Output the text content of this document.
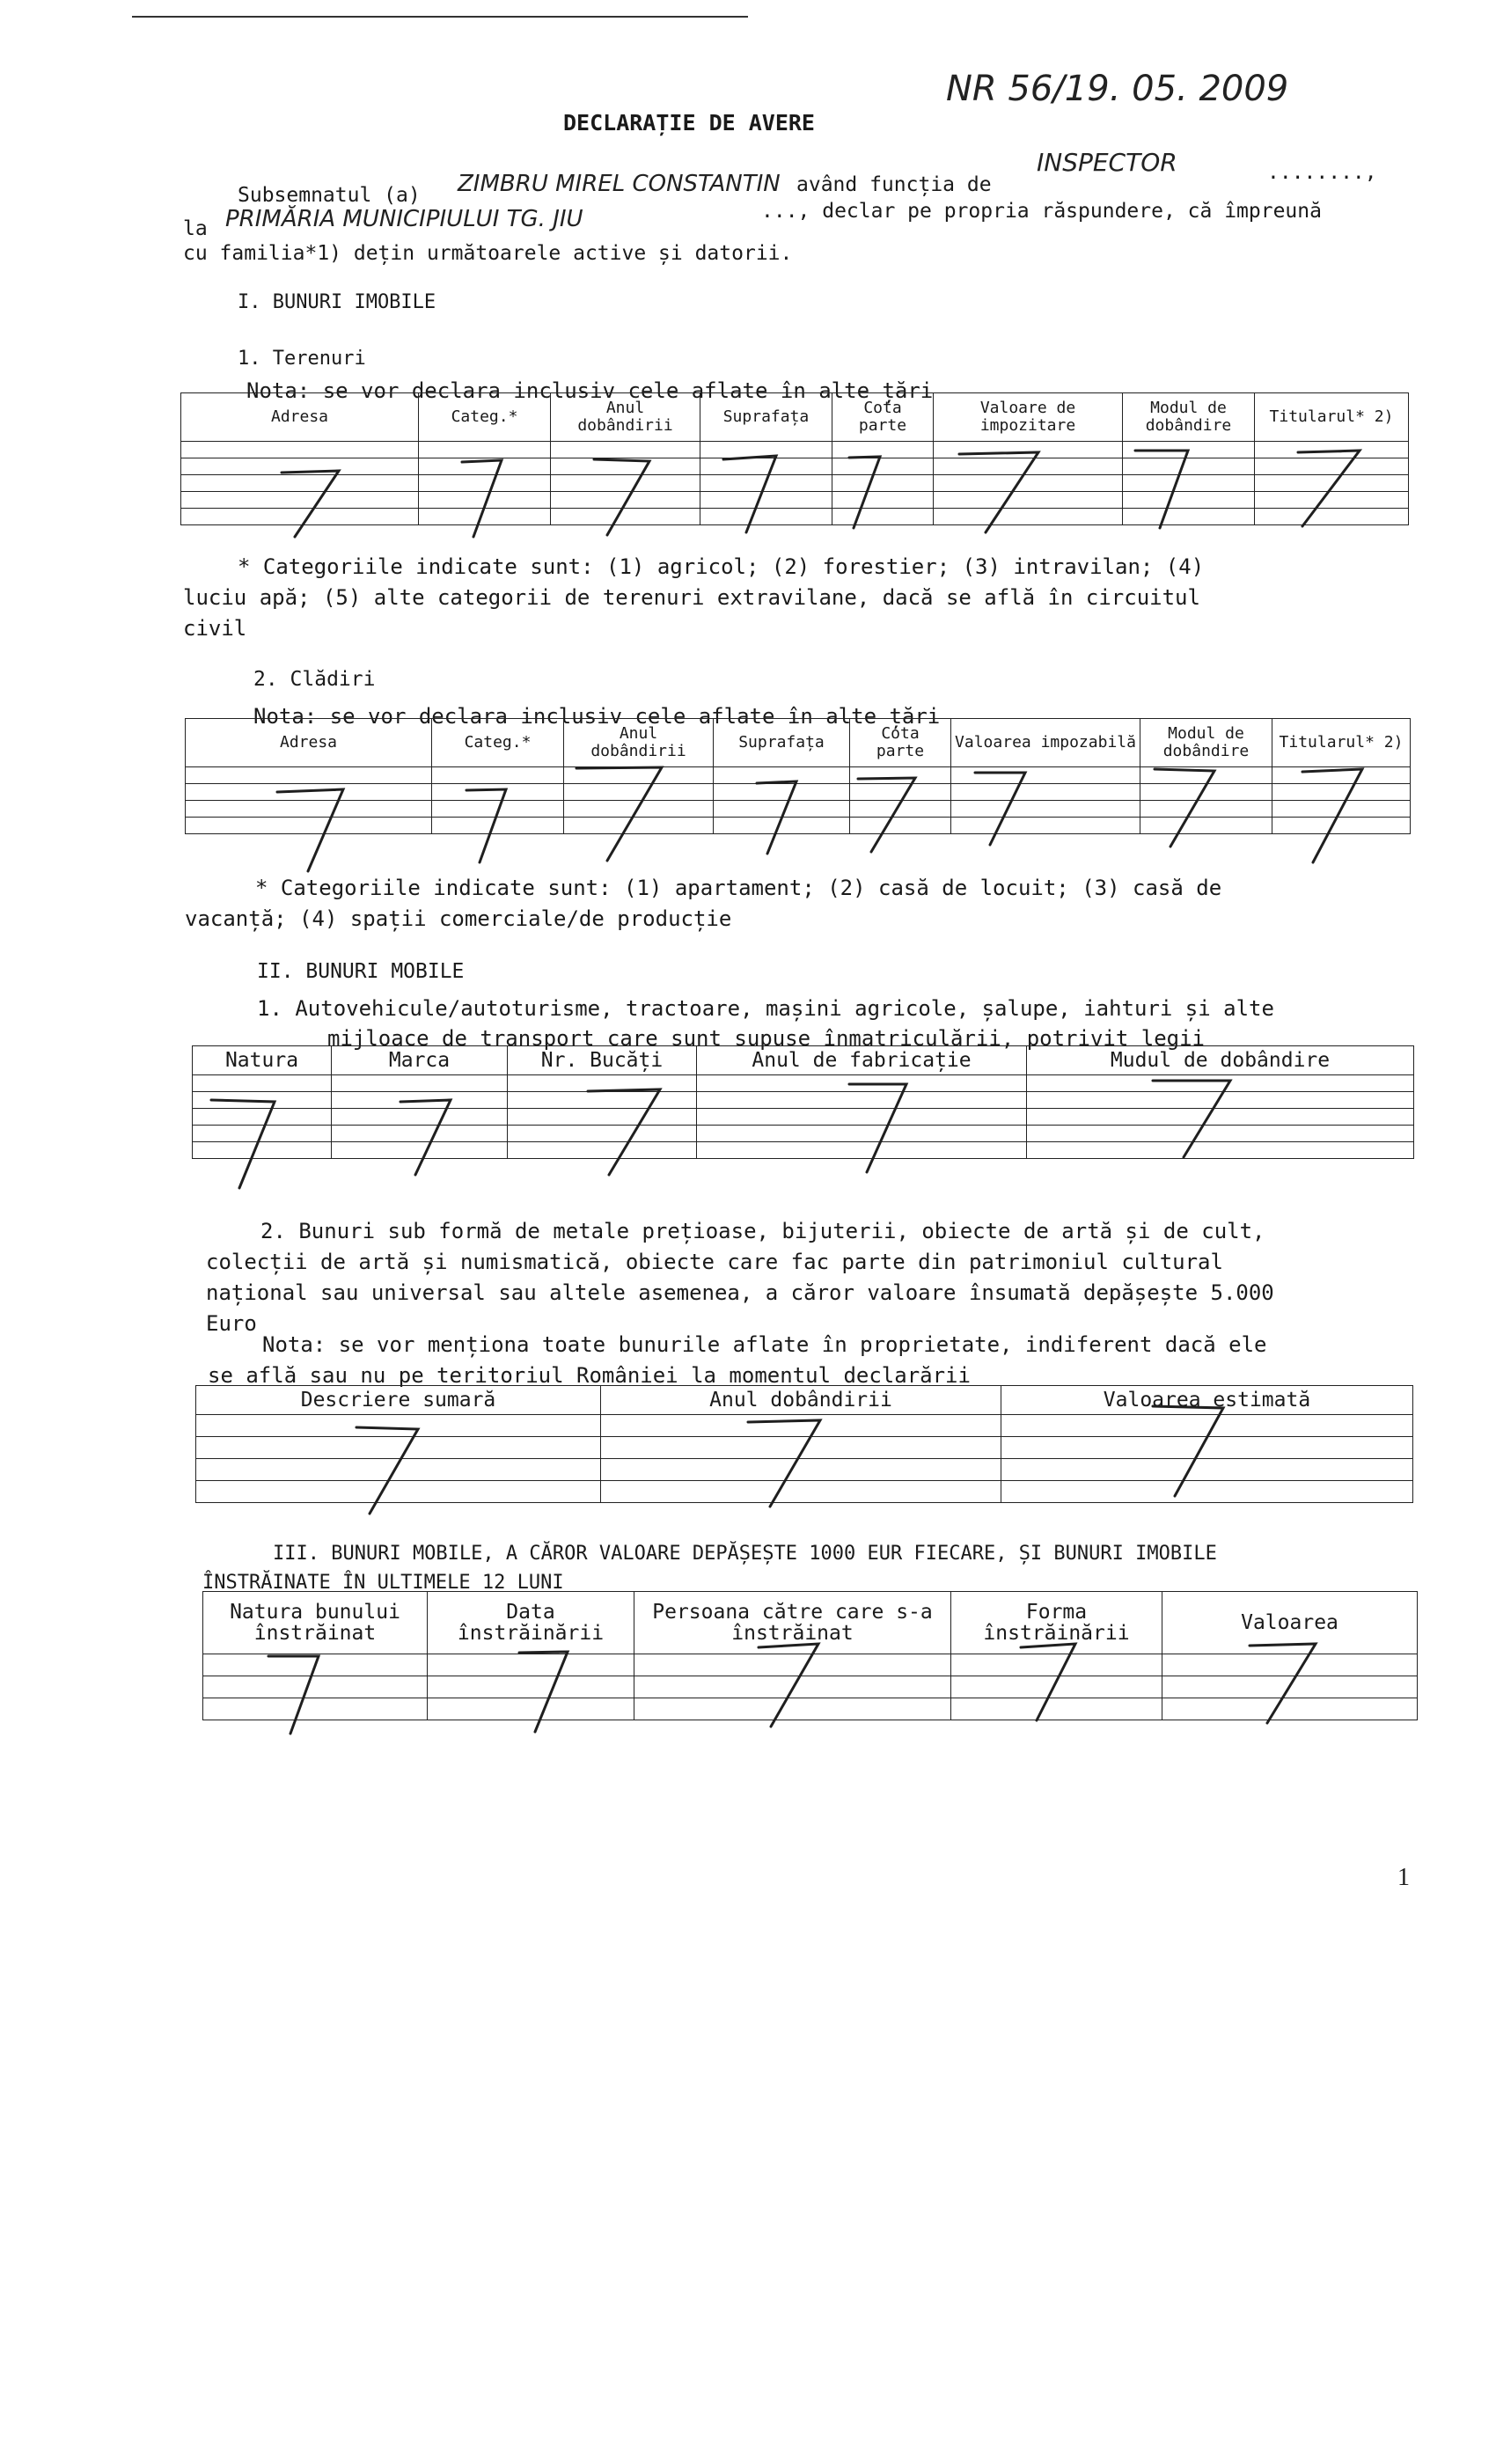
NR 56/19. 05. 2009
DECLARAȚIE DE AVERE
Subsemnatul (a) ZIMBRU MIREL CONSTANTIN având funcția de
INSPECTOR	........,
la PRIMĂRIA MUNICIPIULUI TG. JIU	..., declar pe propria răspundere, că împreună
cu familia*1) dețin următoarele active și datorii.
I. BUNURI IMOBILE
1. Terenuri
Nota: se vor declara inclusiv cele aflate în alte țări
Adresa	Categ.*	Anul dobândirii	Suprafața	Cota parte	Valoare de impozitare	Modul de dobândire	Titularul* 2)

* Categoriile indicate sunt: (1) agricol; (2) forestier; (3) intravilan; (4)
luciu apă; (5) alte categorii de terenuri extravilane, dacă se află în circuitul
civil
2. Clădiri
Nota: se vor declara inclusiv cele aflate în alte țări
Adresa	Categ.*	Anul dobândirii	Suprafața	Cota parte	Valoarea impozabilă	Modul de dobândire	Titularul* 2)

* Categoriile indicate sunt: (1) apartament; (2) casă de locuit; (3) casă de
vacanță; (4) spații comerciale/de producție
II. BUNURI MOBILE
1. Autovehicule/autoturisme, tractoare, mașini agricole, șalupe, iahturi și alte
mijloace de transport care sunt supuse înmatriculării, potrivit legii
Natura	Marca	Nr. Bucăți	Anul de fabricație	Mudul de dobândire

2. Bunuri sub formă de metale prețioase, bijuterii, obiecte de artă și de cult,
colecții de artă și numismatică, obiecte care fac parte din patrimoniul cultural
național sau universal sau altele asemenea, a căror valoare însumată depășește 5.000
Euro
Nota: se vor menționa toate bunurile aflate în proprietate, indiferent dacă ele
se află sau nu pe teritoriul României la momentul declarării
Descriere sumară	Anul dobândirii	Valoarea estimată

III. BUNURI MOBILE, A CĂROR VALOARE DEPĂȘEȘTE 1000 EUR FIECARE, ȘI BUNURI IMOBILE
ÎNSTRĂINATE ÎN ULTIMELE 12 LUNI
Natura bunului înstrăinat	Data înstrăinării	Persoana către care s-a înstrăinat	Forma înstrăinării	Valoarea

1
